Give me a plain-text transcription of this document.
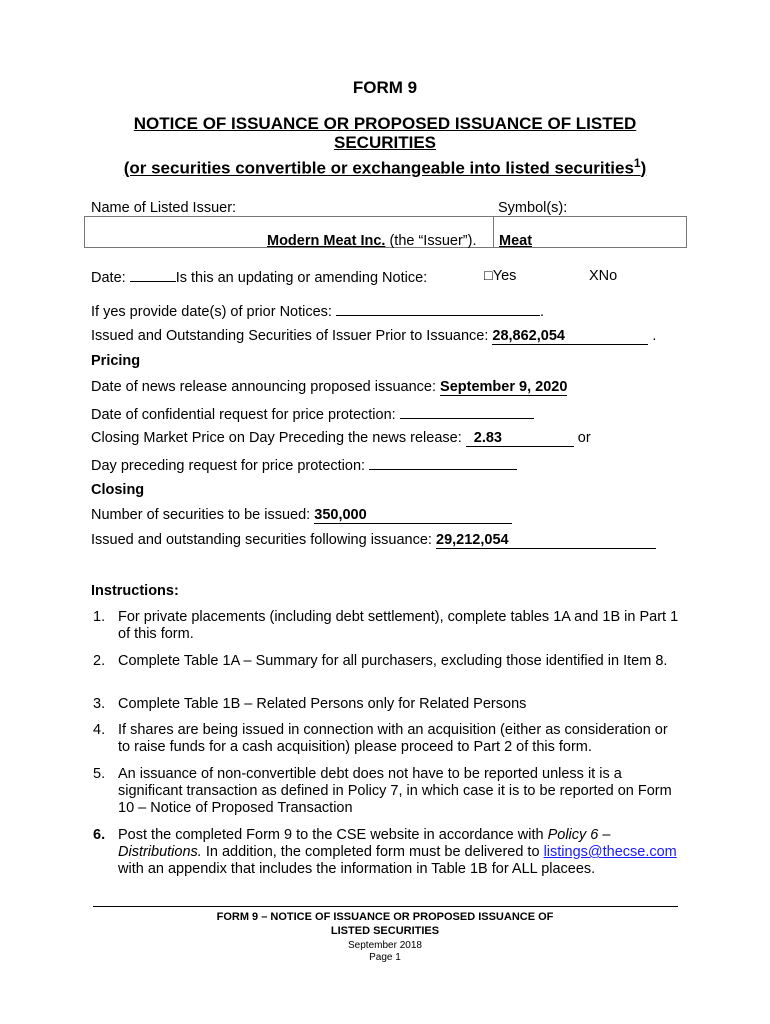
FORM 9
NOTICE OF ISSUANCE OR PROPOSED ISSUANCE OF LISTED
SECURITIES
(or securities convertible or exchangeable into listed securities$^1$)
Name of Listed Issuer:	Symbol(s):
Modern Meat Inc. (the “Issuer”). Meat
Date:	Is this an updating or amending Notice:	□Yes	XNo
If yes provide date(s) of prior Notices:	.
Issued and Outstanding Securities of Issuer Prior to Issuance: 28,862,054	.
Pricing
Date of news release announcing proposed issuance: September 9, 2020
Date of confidential request for price protection:
Closing Market Price on Day Preceding the news release: 2.83	or
Day preceding request for price protection:
Closing
Number of securities to be issued: 350,000
Issued and outstanding securities following issuance: 29,212,054
Instructions:
1. For private placements (including debt settlement), complete tables 1A and 1B in Part 1 of this form.
2. Complete Table 1A – Summary for all purchasers, excluding those identified in Item 8.
3. Complete Table 1B – Related Persons only for Related Persons
4. If shares are being issued in connection with an acquisition (either as consideration or to raise funds for a cash acquisition) please proceed to Part 2 of this form.
5. An issuance of non-convertible debt does not have to be reported unless it is a significant transaction as defined in Policy 7, in which case it is to be reported on Form 10 – Notice of Proposed Transaction
6. Post the completed Form 9 to the CSE website in accordance with Policy 6 – Distributions. In addition, the completed form must be delivered to listings@thecse.com with an appendix that includes the information in Table 1B for ALL placees.
FORM 9 – NOTICE OF ISSUANCE OR PROPOSED ISSUANCE OF
LISTED SECURITIES
September 2018
Page 1
